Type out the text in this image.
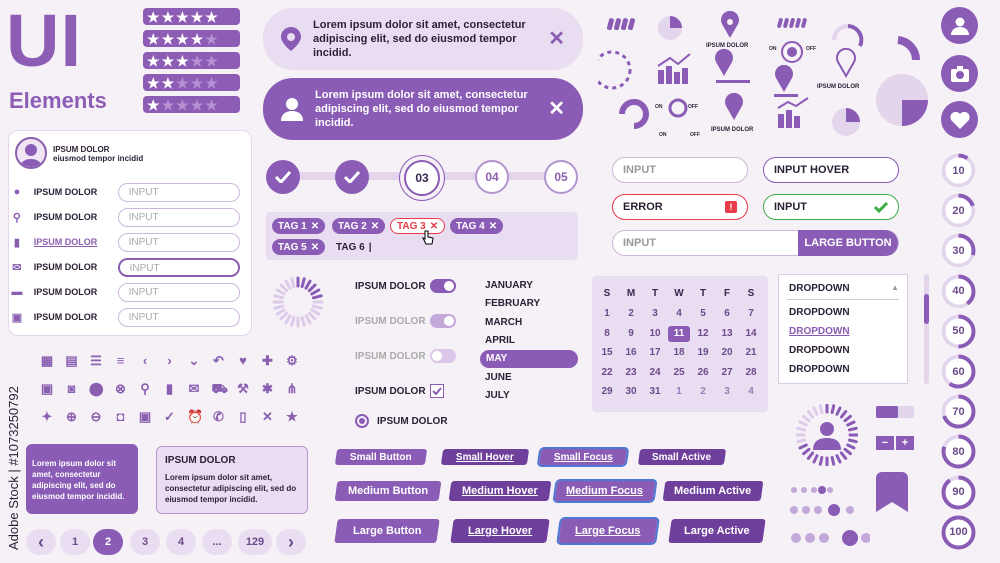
UI
Elements
★ ★ ★ ★ ★
★ ★ ★ ★ ★
★ ★ ★ ★ ★
★ ★ ★ ★ ★
★ ★ ★ ★ ★
Lorem ipsum dolor sit amet, consectetur adipiscing elit, sed do eiusmod tempor incidid.
✕
Lorem ipsum dolor sit amet, consectetur adipiscing elit, sed do eiusmod tempor incidid.
✕
IPSUM DOLOR
eiusmod tempor incidid
●	IPSUM DOLOR	INPUT
⚲	IPSUM DOLOR	INPUT
▮	IPSUM DOLOR	INPUT
✉ IPSUM DOLOR	INPUT
▬ IPSUM DOLOR	INPUT
▣ IPSUM DOLOR	INPUT
03	04	05
TAG 1 ✕ TAG 2 ✕ TAG 3 ✕ TAG 4 ✕
TAG 5 ✕ TAG 6 |
IPSUM DOLOR
IPSUM DOLOR
IPSUM DOLOR
IPSUM DOLOR
IPSUM DOLOR
JANUARY
FEBRUARY
MARCH
APRIL
MAY
JUNE
JULY
INPUT	INPUT HOVER
ERROR	!	INPUT
INPUT	LARGE BUTTON
S	M	T	W	T	F	S
1	2	3	4	5	6	7
8	9	10	11	12	13	14
15	16	17	18	19	20	21
22	23	24	25	26	27	28
29	30	31	1	2	3	4
DROPDOWN	▲
DROPDOWN
DROPDOWN
DROPDOWN
DROPDOWN
Small Button	Small Hover	Small Focus	Small Active
Medium Button	Medium Hover	Medium Focus	Medium Active
Large Button	Large Hover	Large Focus	Large Active
Lorem ipsum dolor sit amet, consectetur adipiscing elit, sed do eiusmod tempor incidid.
IPSUM DOLOR
Lorem ipsum dolor sit amet, consectetur adipiscing elit, sed do eiusmod tempor incidid.
‹	1	2	3	4	...	129	›
▦ ▤ ☰ ≡	‹	›	⌄ ↶ ♥ ✚ ⚙
▣ ◙ ⬤ ⊗ ⚲ ▮ ✉ ⛟ ⚒ ✱ ⋔
✦ ⊕ ⊖ ◘ ▣ ✓ ⏰ ✆ ▯ ✕ ★
IPSUM DOLOR
IPSUM DOLOR
IPSUM DOLOR
ON	OFF
ON	OFF
ON	OFF
−	+
10
20
30
40
50
60
70
80
90
100
Adobe Stock | #1073250792
